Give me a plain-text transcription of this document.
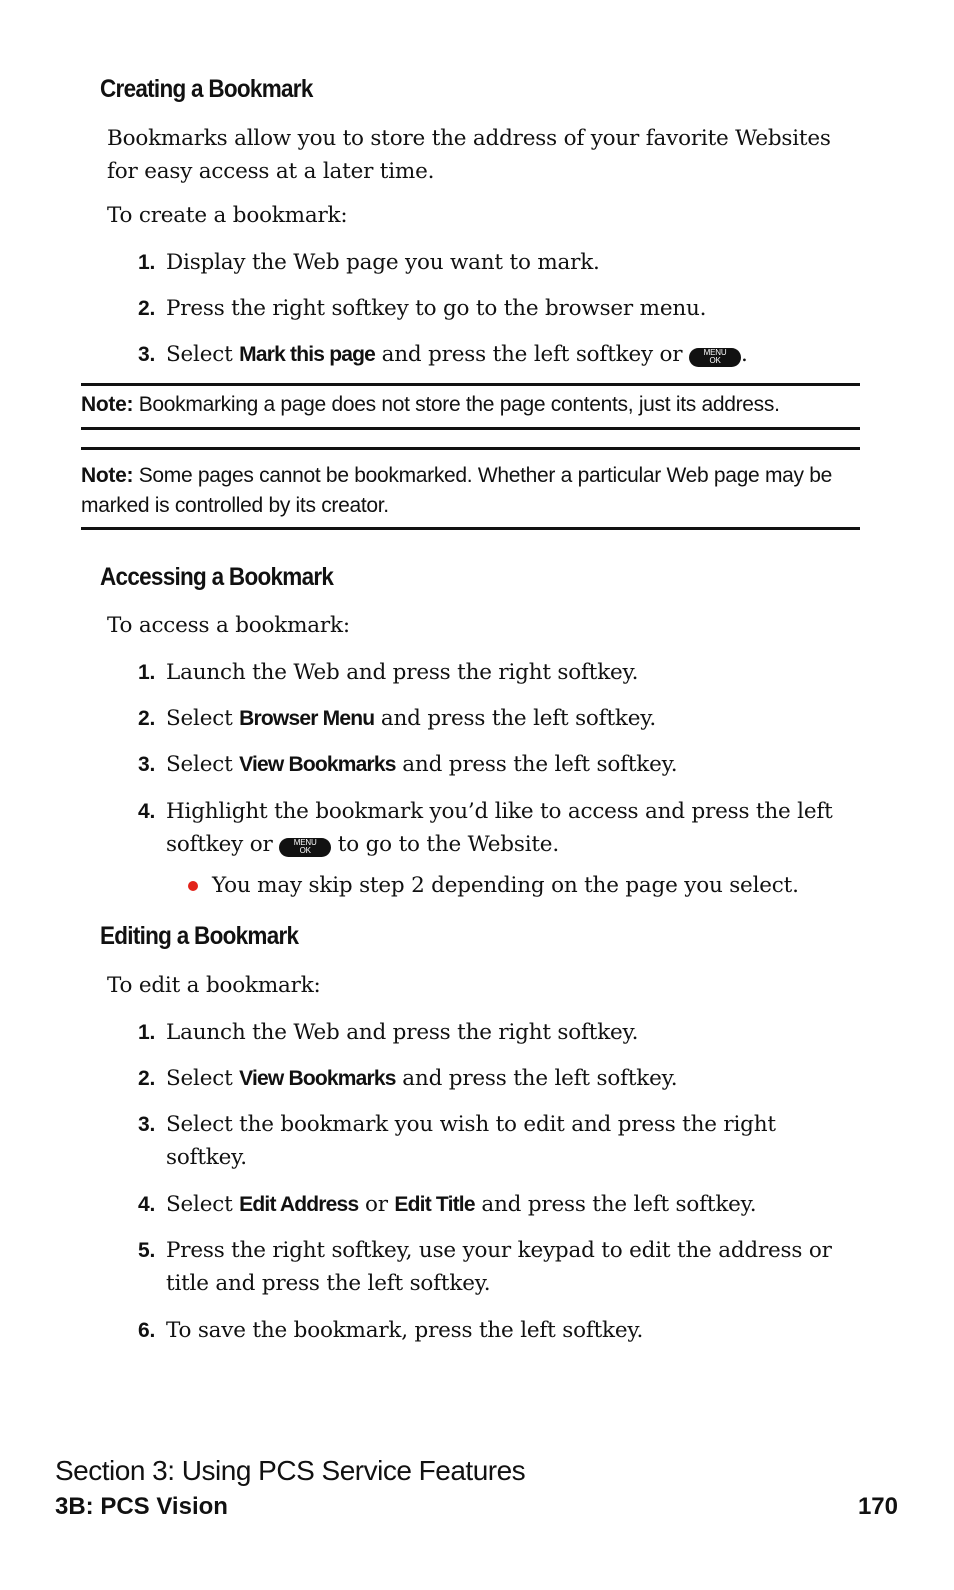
Creating a Bookmark

Bookmarks allow you to store the address of your favorite Websites for easy access at a later time.

To create a bookmark:

1. Display the Web page you want to mark.
2. Press the right softkey to go to the browser menu.
3. Select Mark this page and press the left softkey or	MENU
OK .

Note: Bookmarking a page does not store the page contents, just its address.

Note: Some pages cannot be bookmarked. Whether a particular Web page may be marked is controlled by its creator.

Accessing a Bookmark

To access a bookmark:

1. Launch the Web and press the right softkey.
2. Select Browser Menu and press the left softkey.
3. Select View Bookmarks and press the left softkey.
4. Highlight the bookmark you’d like to access and press the left softkey or	MENU
OK to go to the Website.
You may skip step 2 depending on the page you select.
Editing a Bookmark

To edit a bookmark:

1. Launch the Web and press the right softkey.
2. Select View Bookmarks and press the left softkey.
3. Select the bookmark you wish to edit and press the right softkey.
4. Select Edit Address or Edit Title and press the left softkey.
5. Press the right softkey, use your keypad to edit the address or title and press the left softkey.
6. To save the bookmark, press the left softkey.

Section 3: Using PCS Service Features

3B: PCS Vision	170
